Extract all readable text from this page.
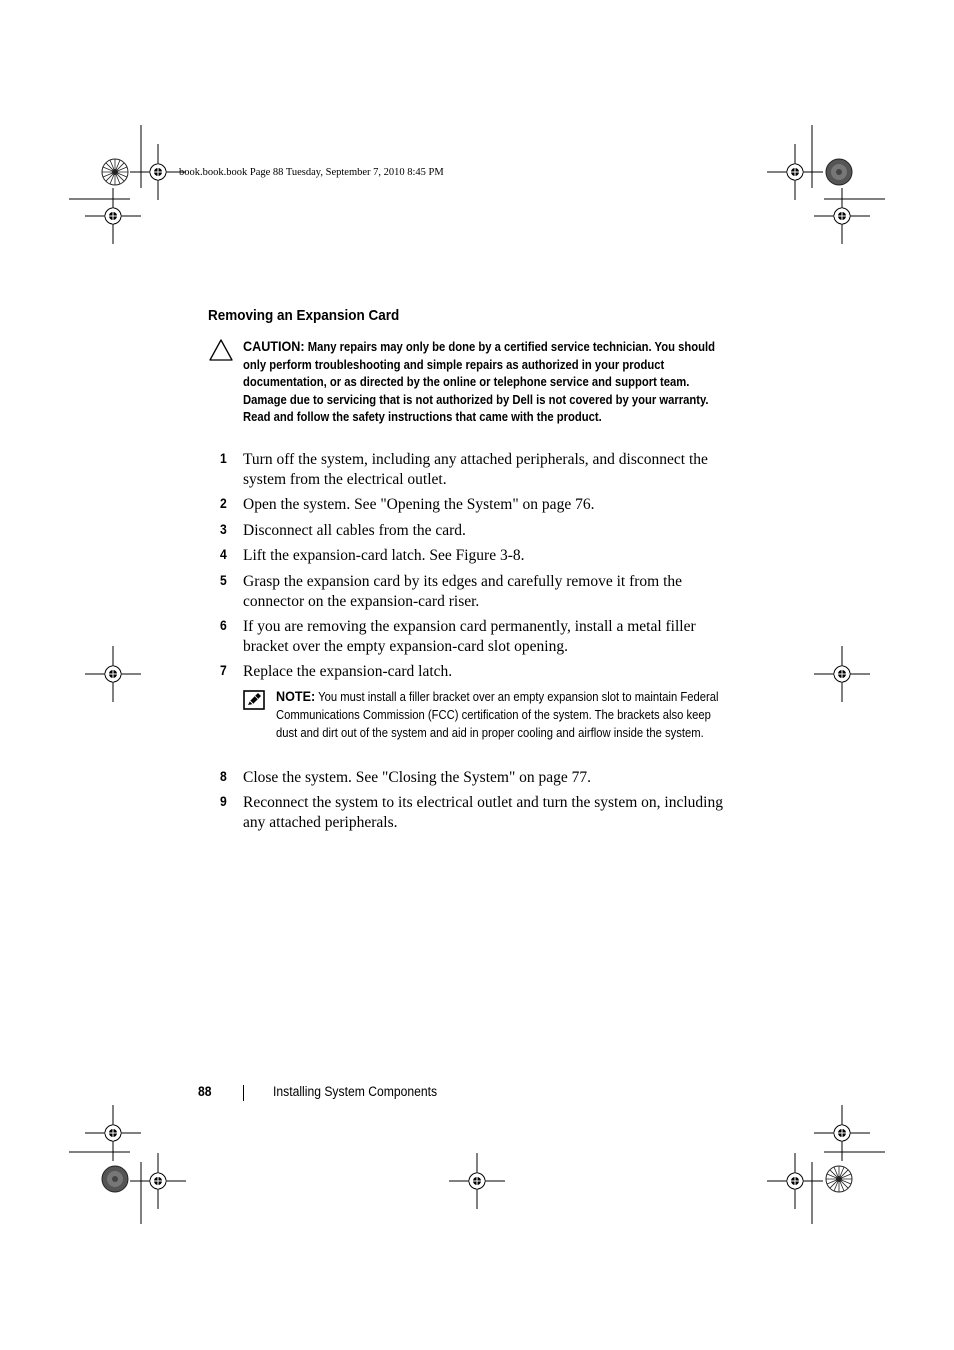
book.book.book Page 88 Tuesday, September 7, 2010 8:45 PM
Removing an Expansion Card
CAUTION: Many repairs may only be done by a certified service technician. You should only perform troubleshooting and simple repairs as authorized in your product documentation, or as directed by the online or telephone service and support team. Damage due to servicing that is not authorized by Dell is not covered by your warranty. Read and follow the safety instructions that came with the product.
1 Turn off the system, including any attached peripherals, and disconnect the system from the electrical outlet.
2 Open the system. See "Opening the System" on page 76.
3 Disconnect all cables from the card.
4 Lift the expansion-card latch. See Figure 3-8.
5 Grasp the expansion card by its edges and carefully remove it from the connector on the expansion-card riser.
6 If you are removing the expansion card permanently, install a metal filler bracket over the empty expansion-card slot opening.
7 Replace the expansion-card latch.
NOTE: You must install a filler bracket over an empty expansion slot to maintain Federal Communications Commission (FCC) certification of the system. The brackets also keep dust and dirt out of the system and aid in proper cooling and airflow inside the system.
8 Close the system. See "Closing the System" on page 77.
9 Reconnect the system to its electrical outlet and turn the system on, including any attached peripherals.
88	Installing System Components
